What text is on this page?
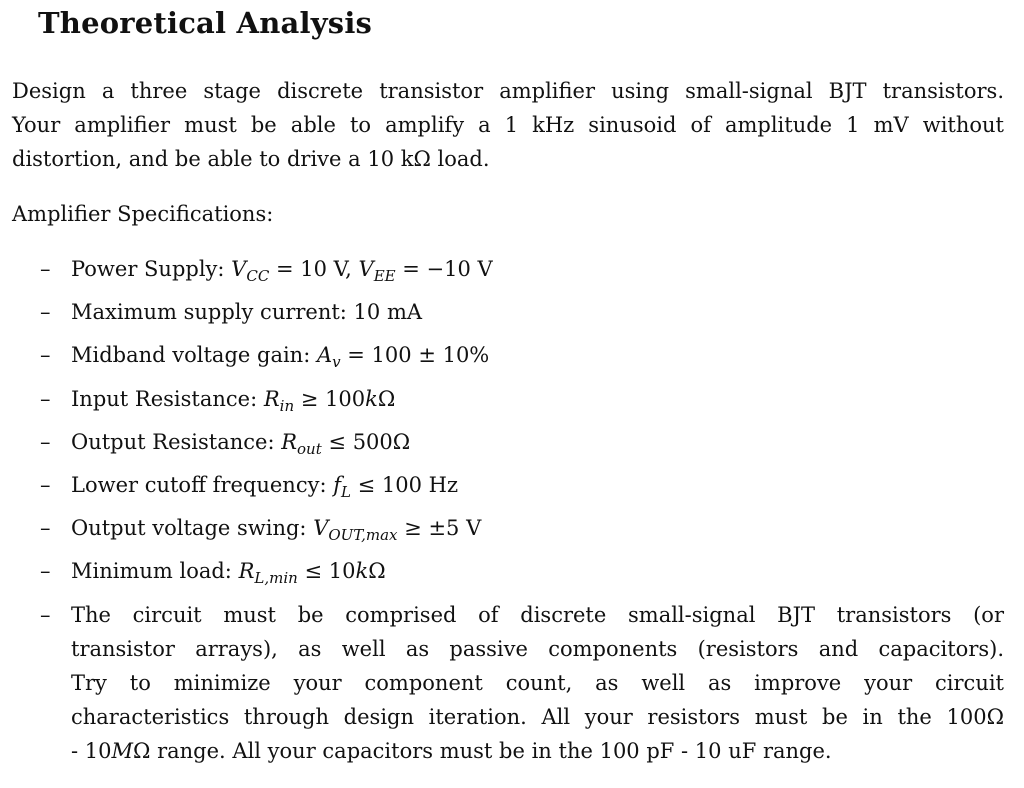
Theoretical Analysis
Design a three stage discrete transistor amplifier using small-signal BJT transistors.
Your amplifier must be able to amplify a 1 kHz sinusoid of amplitude 1 mV without
distortion, and be able to drive a 10 kΩ load.
Amplifier Specifications:
– Power Supply: $V_{CC} = 10$ V, $V_{EE} = -10$ V
– Maximum supply current: 10 mA
– Midband voltage gain: $A_v = 100 \pm 10\%$
– Input Resistance: $R_{in} \ge 100k\Omega$
– Output Resistance: $R_{out} \le 500\Omega$
– Lower cutoff frequency: $f_L \le 100$ Hz
– Output voltage swing: $V_{OUT,max} \ge \pm 5$ V
– Minimum load: $R_{L,min} \le 10k\Omega$
– The circuit must be comprised of discrete small-signal BJT transistors (or
transistor arrays), as well as passive components (resistors and capacitors).
Try to minimize your component count, as well as improve your circuit
characteristics through design iteration. All your resistors must be in the 100Ω
- 10MΩ range. All your capacitors must be in the 100 pF - 10 uF range.
